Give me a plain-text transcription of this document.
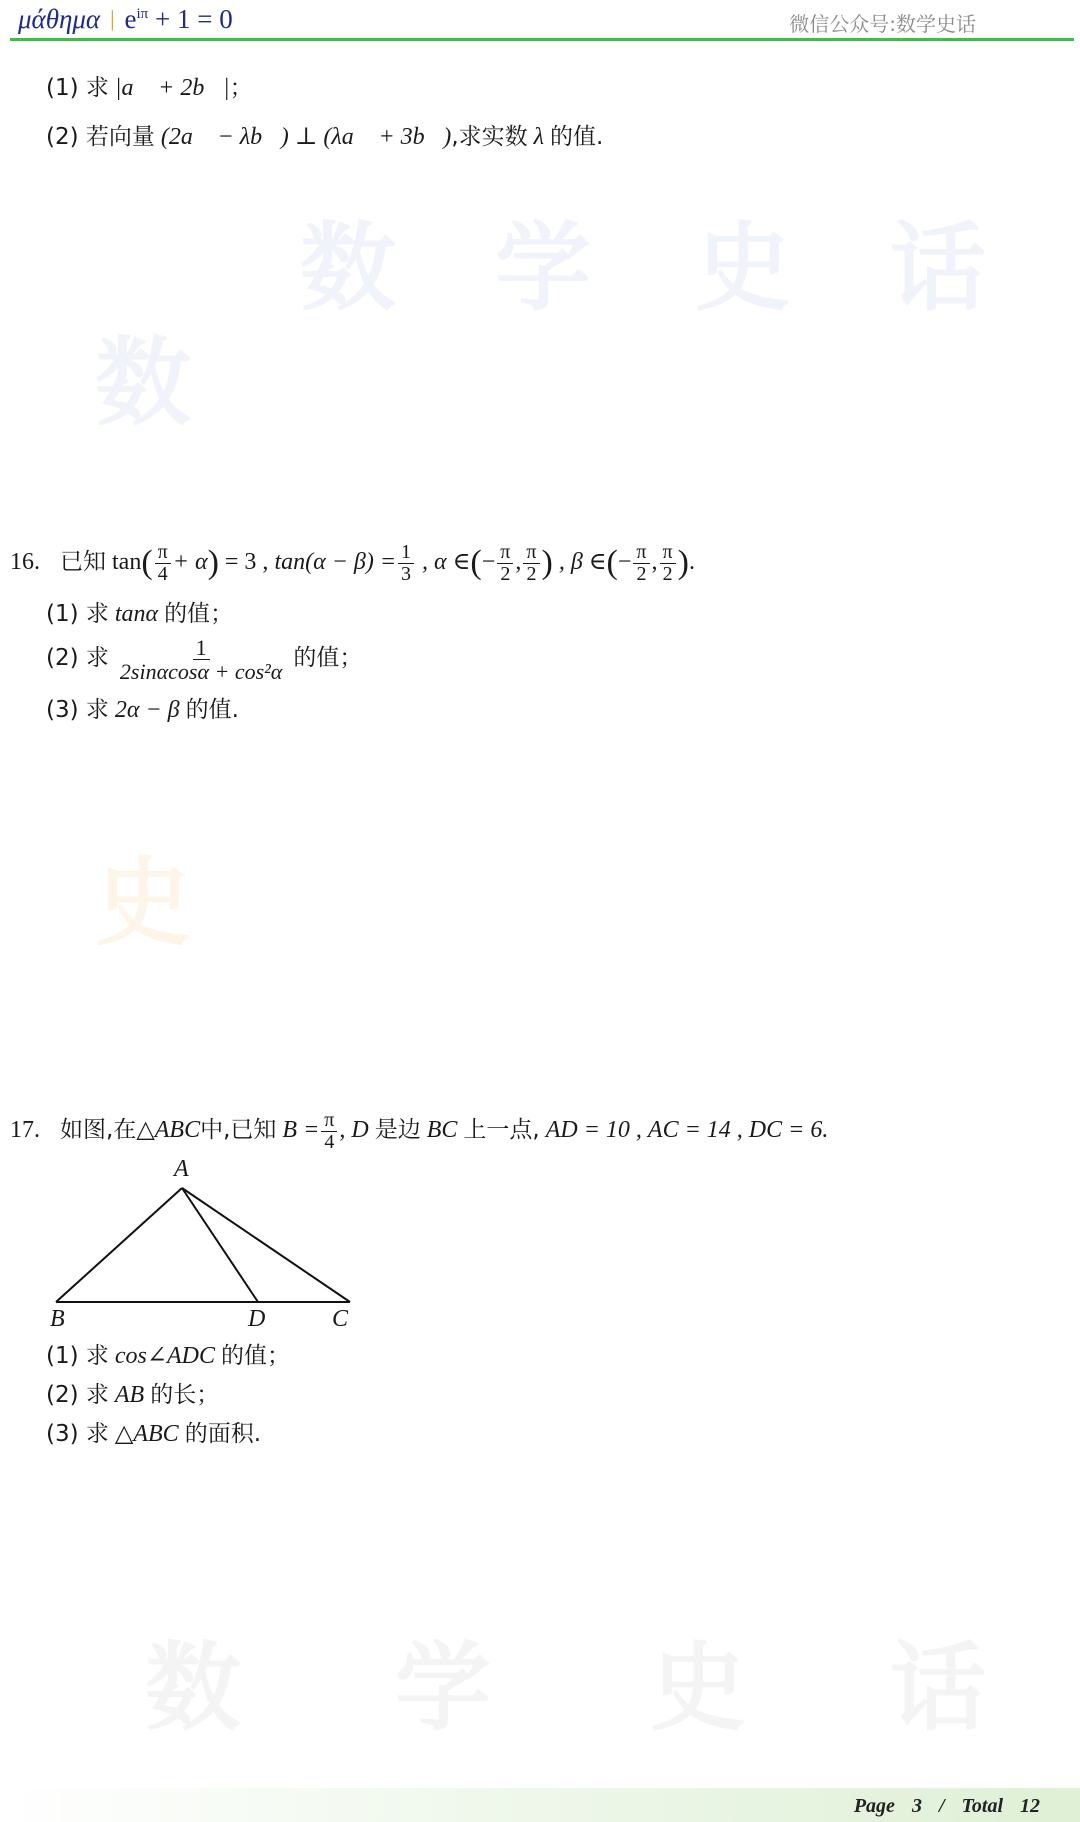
μάθημα | $e^{i\pi} + 1 = 0$	微信公众号:数学史话
数 学 史 话
数
史
数 学 史 话
(1) 求 |a⃗ + 2b⃗|；
(2) 若向量 (2a⃗ − λb⃗) ⊥ (λa⃗ + 3b⃗),求实数 λ 的值.
16. 已知 $\tan( \frac{\pi}{4} + \alpha) = 3$ , $\tan(\alpha - \beta) = \frac{1}{3}$ , α ∈(− $\frac{\pi}{2}$ , $\frac{\pi}{2}$ ) , β ∈(− $\frac{\pi}{2}$ , $\frac{\pi}{2}$ ).
(1) 求 tanα 的值；
(2) 求 $\frac{1}{\text{2sinαcosα + cos²α}}$ 的值；
(3) 求 2α − β 的值.
17. 如图,在△ABC中,已知 $B = \frac{\pi}{4}$ , D 是边 BC 上一点, AD = 10 , AC = 14 , DC = 6.
A
B	D	C
(1) 求 cos∠ADC 的值；
(2) 求 AB 的长；
(3) 求 △ABC 的面积.
Page 3 / Total 12
